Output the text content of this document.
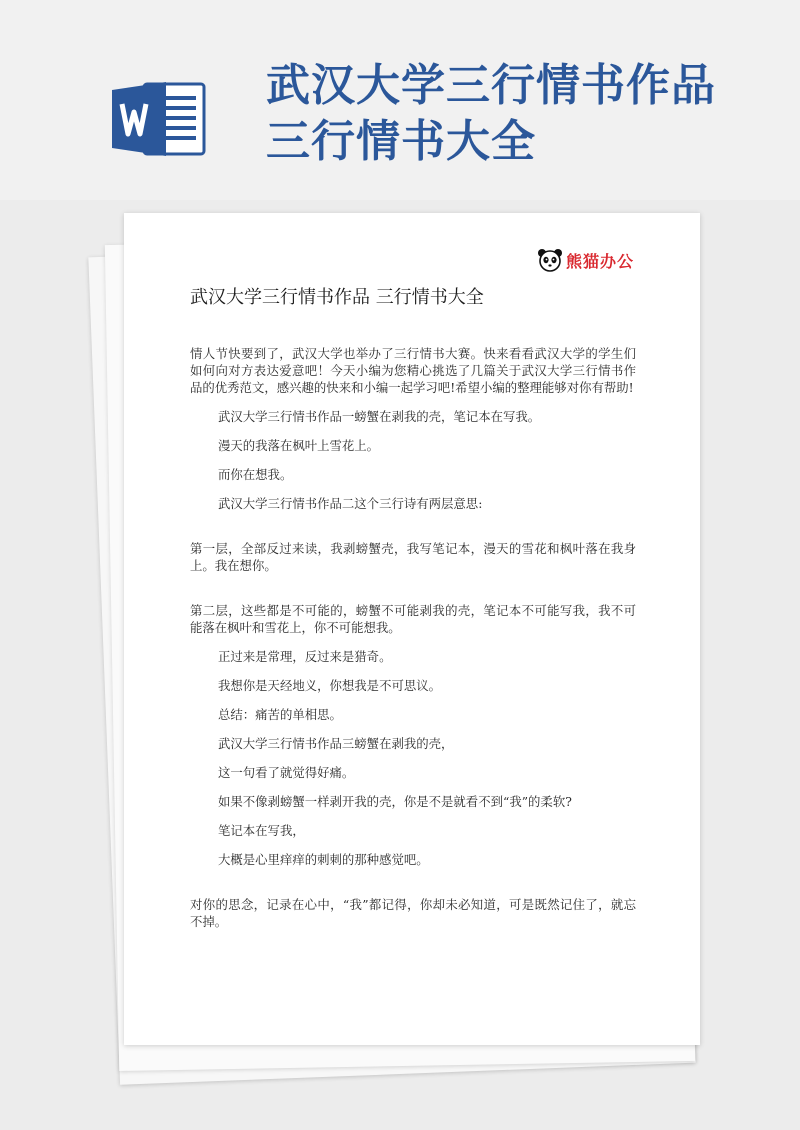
武汉大学三行情书作品
三行情书大全
熊猫办公
武汉大学三行情书作品 三行情书大全

情人节快要到了，武汉大学也举办了三行情书大赛。快来看看武汉大学的学生们如何向对方表达爱意吧！今天小编为您精心挑选了几篇关于武汉大学三行情书作品的优秀范文，感兴趣的快来和小编一起学习吧!希望小编的整理能够对你有帮助!

武汉大学三行情书作品一螃蟹在剥我的壳，笔记本在写我。

漫天的我落在枫叶上雪花上。

而你在想我。

武汉大学三行情书作品二这个三行诗有两层意思:

第一层，全部反过来读，我剥螃蟹壳，我写笔记本，漫天的雪花和枫叶落在我身上。我在想你。

第二层，这些都是不可能的，螃蟹不可能剥我的壳，笔记本不可能写我，我不可能落在枫叶和雪花上，你不可能想我。

正过来是常理，反过来是猎奇。

我想你是天经地义，你想我是不可思议。

总结：痛苦的单相思。

武汉大学三行情书作品三螃蟹在剥我的壳，

这一句看了就觉得好痛。

如果不像剥螃蟹一样剥开我的壳，你是不是就看不到“我”的柔软?

笔记本在写我，

大概是心里痒痒的刺刺的那种感觉吧。

对你的思念，记录在心中，“我”都记得，你却未必知道，可是既然记住了，就忘不掉。
